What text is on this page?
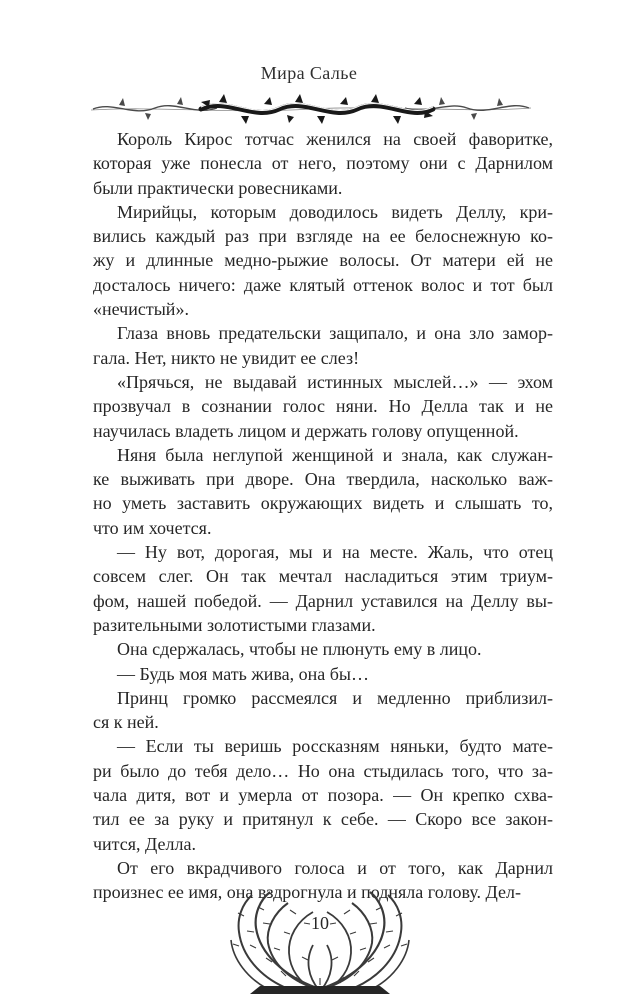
Мира Салье

Король Кирос тотчас женился на своей фаворитке,
которая уже понесла от него, поэтому они с Дарнилом
были практически ровесниками.

Мирийцы, которым доводилось видеть Деллу, кри-
вились каждый раз при взгляде на ее белоснежную ко-
жу и длинные медно-рыжие волосы. От матери ей не
досталось ничего: даже клятый оттенок волос и тот был
«нечистый».

Глаза вновь предательски защипало, и она зло замор-
гала. Нет, никто не увидит ее слез!

«Прячься, не выдавай истинных мыслей…» — эхом
прозвучал в сознании голос няни. Но Делла так и не
научилась владеть лицом и держать голову опущенной.

Няня была неглупой женщиной и знала, как служан-
ке выживать при дворе. Она твердила, насколько важ-
но уметь заставить окружающих видеть и слышать то,
что им хочется.

— Ну вот, дорогая, мы и на месте. Жаль, что отец
совсем слег. Он так мечтал насладиться этим триум-
фом, нашей победой. — Дарнил уставился на Деллу вы-
разительными золотистыми глазами.

Она сдержалась, чтобы не плюнуть ему в лицо.

— Будь моя мать жива, она бы…

Принц громко рассмеялся и медленно приблизил-
ся к ней.

— Если ты веришь россказням няньки, будто мате-
ри было до тебя дело… Но она стыдилась того, что за-
чала дитя, вот и умерла от позора. — Он крепко схва-
тил ее за руку и притянул к себе. — Скоро все закон-
чится, Делла.

От его вкрадчивого голоса и от того, как Дарнил
произнес ее имя, она вздрогнула и подняла голову. Дел-

10
